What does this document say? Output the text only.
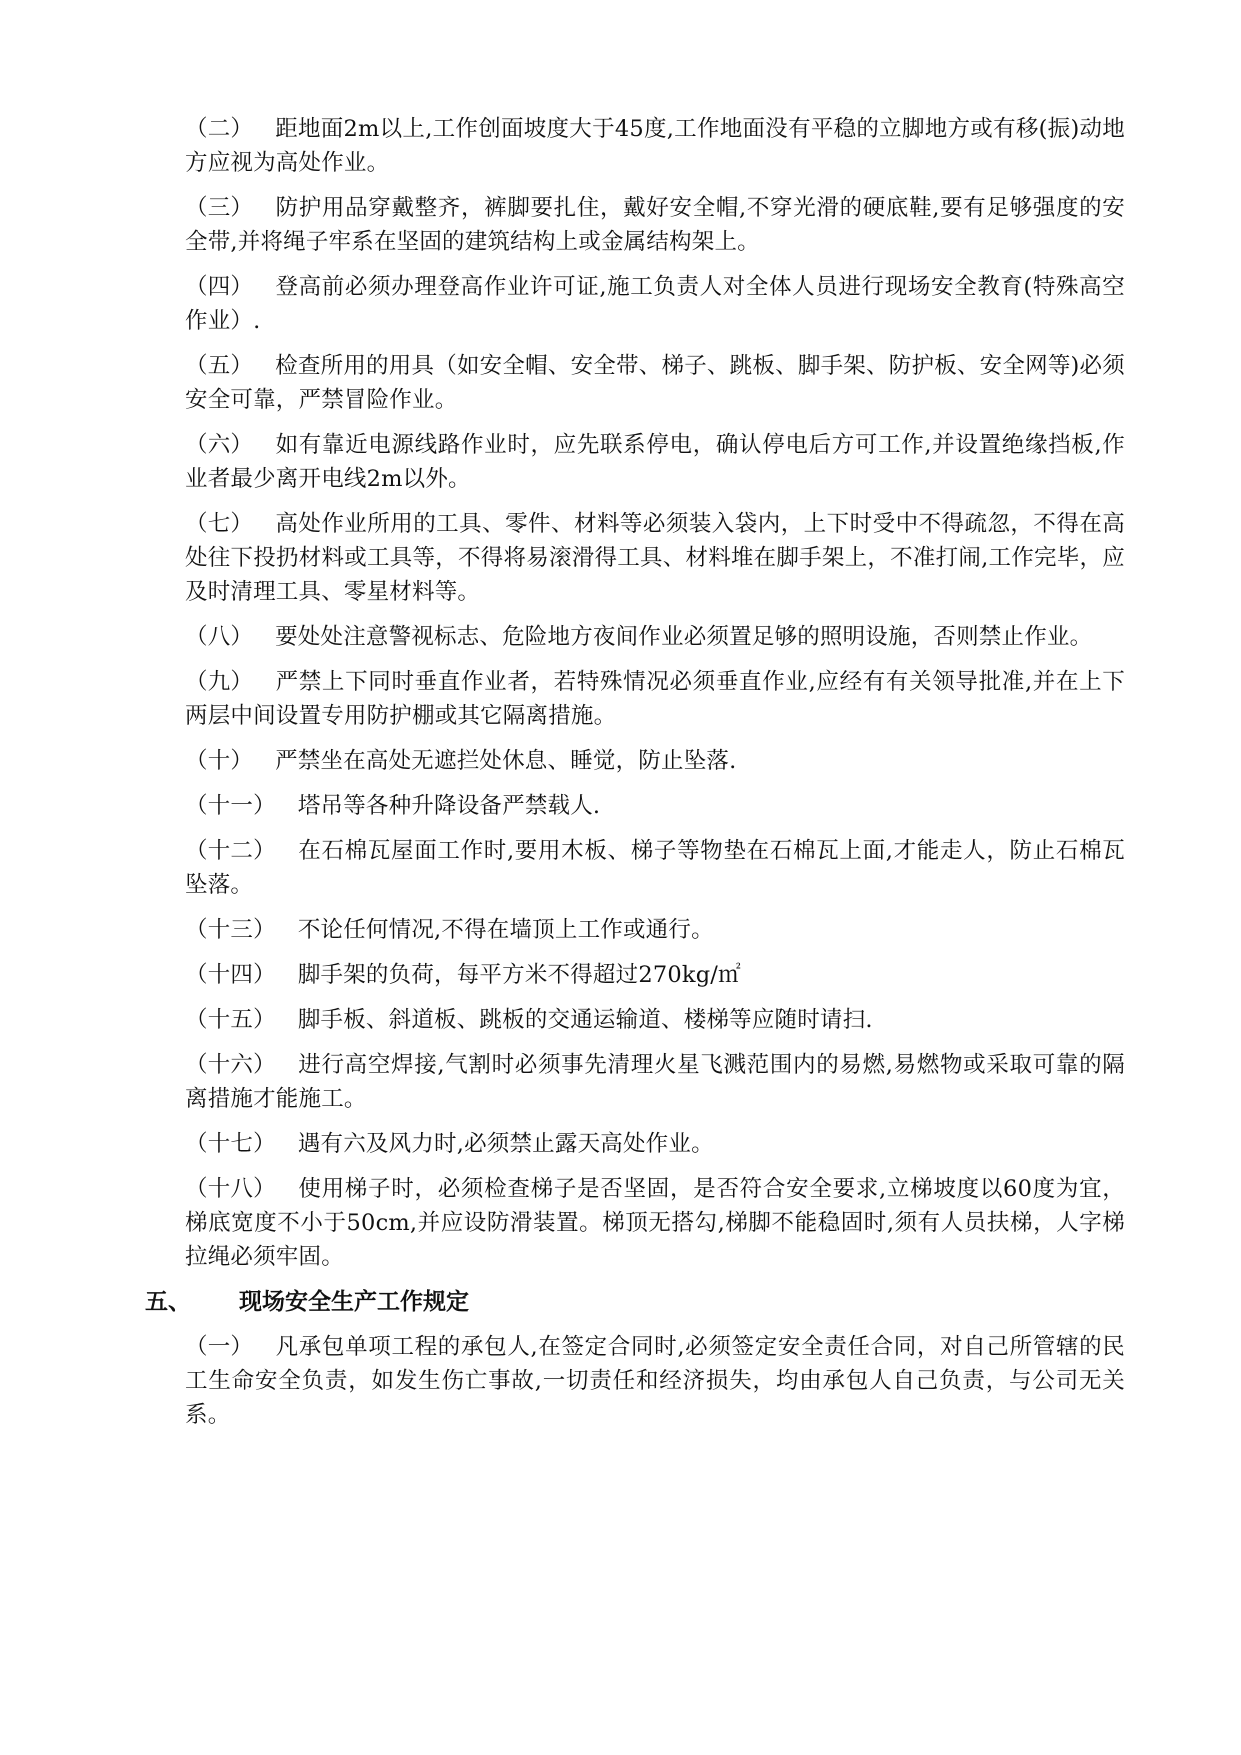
（二） 距地面2m以上,工作创面坡度大于45度,工作地面没有平稳的立脚地方或有移(振)动地方应视为高处作业。

（三） 防护用品穿戴整齐，裤脚要扎住，戴好安全帽,不穿光滑的硬底鞋,要有足够强度的安全带,并将绳子牢系在坚固的建筑结构上或金属结构架上。

（四） 登高前必须办理登高作业许可证,施工负责人对全体人员进行现场安全教育(特殊高空作业）.

（五） 检查所用的用具（如安全帽、安全带、梯子、跳板、脚手架、防护板、安全网等)必须安全可靠，严禁冒险作业。

（六） 如有靠近电源线路作业时，应先联系停电，确认停电后方可工作,并设置绝缘挡板,作业者最少离开电线2m以外。

（七） 高处作业所用的工具、零件、材料等必须装入袋内，上下时受中不得疏忽，不得在高处往下投扔材料或工具等，不得将易滚滑得工具、材料堆在脚手架上，不准打闹,工作完毕，应及时清理工具、零星材料等。

（八） 要处处注意警视标志、危险地方夜间作业必须置足够的照明设施，否则禁止作业。

（九） 严禁上下同时垂直作业者，若特殊情况必须垂直作业,应经有有关领导批准,并在上下两层中间设置专用防护棚或其它隔离措施。

（十） 严禁坐在高处无遮拦处休息、睡觉，防止坠落.

（十一） 塔吊等各种升降设备严禁载人.

（十二） 在石棉瓦屋面工作时,要用木板、梯子等物垫在石棉瓦上面,才能走人，防止石棉瓦坠落。

（十三） 不论任何情况,不得在墙顶上工作或通行。

（十四） 脚手架的负荷，每平方米不得超过270kg/㎡

（十五） 脚手板、斜道板、跳板的交通运输道、楼梯等应随时请扫.

（十六） 进行高空焊接,气割时必须事先清理火星飞溅范围内的易燃,易燃物或采取可靠的隔离措施才能施工。

（十七） 遇有六及风力时,必须禁止露天高处作业。

（十八） 使用梯子时，必须检查梯子是否坚固，是否符合安全要求,立梯坡度以60度为宜，梯底宽度不小于50cm,并应设防滑装置。梯顶无搭勾,梯脚不能稳固时,须有人员扶梯，人字梯拉绳必须牢固。

五、 现场安全生产工作规定

（一） 凡承包单项工程的承包人,在签定合同时,必须签定安全责任合同，对自己所管辖的民工生命安全负责，如发生伤亡事故,一切责任和经济损失，均由承包人自己负责，与公司无关系。
